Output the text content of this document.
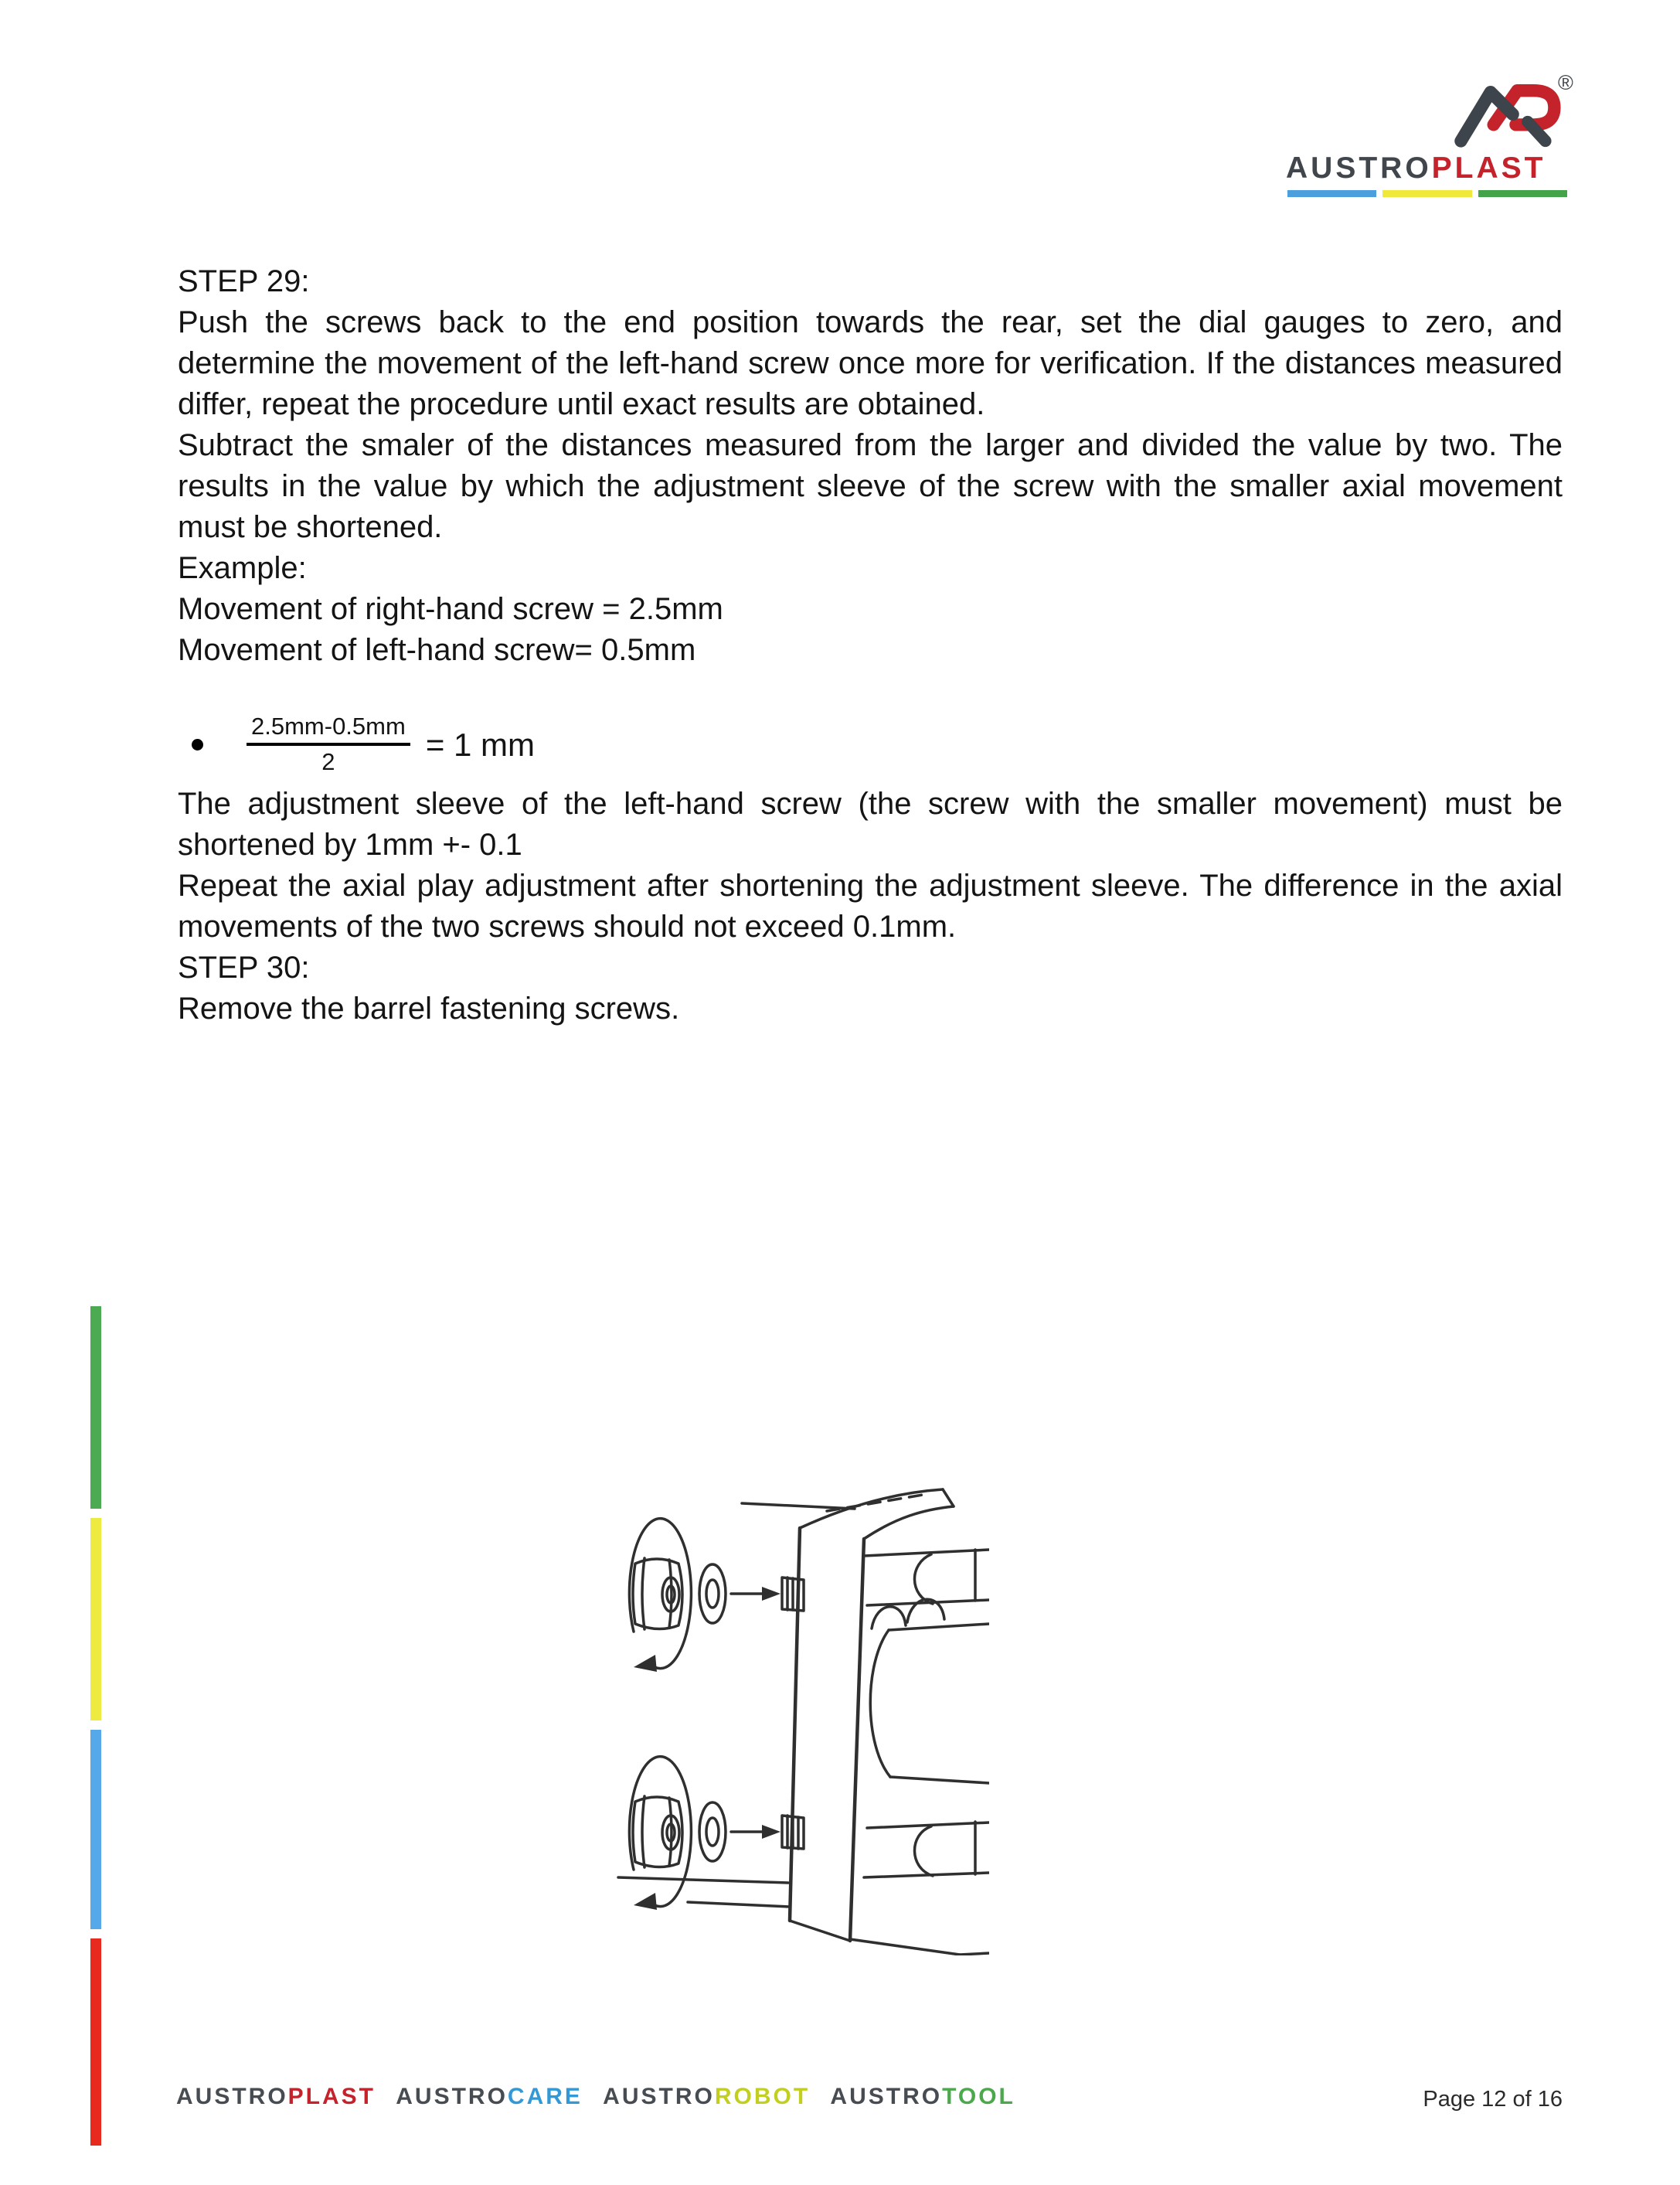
®
AUSTROPLAST

STEP 29:

Push the screws back to the end position towards the rear, set the dial gauges to zero, and determine the movement of the left-hand screw once more for verification. If the distances measured differ, repeat the procedure until exact results are obtained.

Subtract the smaler of the distances measured from the larger and divided the value by two. The results in the value by which the adjustment sleeve of the screw with the smaller axial movement must be shortened.

Example:

Movement of right-hand screw = 2.5mm
Movement of left-hand screw= 0.5mm

$\frac{2.5mm-0.5mm}{2} = 1$ mm

The adjustment sleeve of the left-hand screw (the screw with the smaller movement) must be shortened by 1mm +- 0.1

Repeat the axial play adjustment after shortening the adjustment sleeve. The difference in the axial movements of the two screws should not exceed 0.1mm.

STEP 30:

Remove the barrel fastening screws.

AUSTROPLAST AUSTROCARE AUSTROROBOT AUSTROTOOL	Page 12 of 16
